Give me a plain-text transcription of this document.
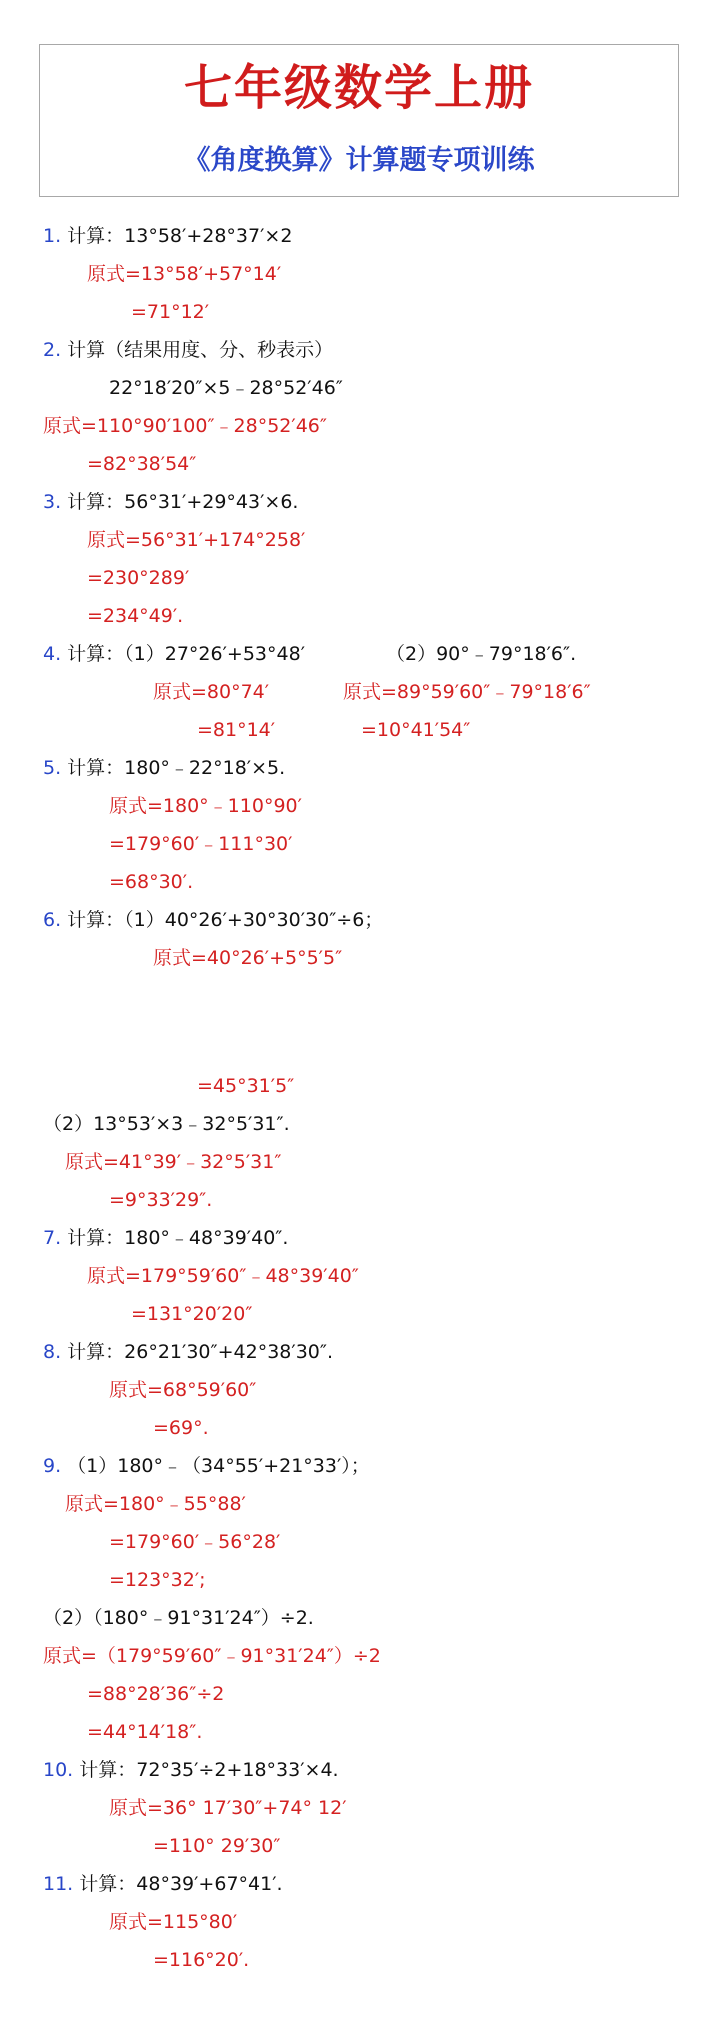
七年级数学上册
《角度换算》计算题专项训练
1. 计算：13°58′+28°37′×2
原式=13°58′+57°14′
=71°12′
2. 计算（结果用度、分、秒表示）
22°18′20″×5﹣28°52′46″
原式=110°90′100″﹣28°52′46″
=82°38′54″
3. 计算：56°31′+29°43′×6.
原式=56°31′+174°258′
=230°289′
=234°49′.
4. 计算：（1）27°26′+53°48′	（2）90°﹣79°18′6″.
原式=80°74′	原式=89°59′60″﹣79°18′6″
=81°14′	=10°41′54″
5. 计算：180°﹣22°18′×5.
原式=180°﹣110°90′
=179°60′﹣111°30′
=68°30′.
6. 计算：（1）40°26′+30°30′30″÷6；
原式=40°26′+5°5′5″
=45°31′5″
（2）13°53′×3﹣32°5′31″.
原式=41°39′﹣32°5′31″
=9°33′29″.
7. 计算：180°﹣48°39′40″.
原式=179°59′60″﹣48°39′40″
=131°20′20″
8. 计算：26°21′30″+42°38′30″.
原式=68°59′60″
=69°.
9. （1）180°﹣（34°55′+21°33′）；
原式=180°﹣55°88′
=179°60′﹣56°28′
=123°32′;
（2）（180°﹣91°31′24″）÷2.
原式=（179°59′60″﹣91°31′24″）÷2
=88°28′36″÷2
=44°14′18″.
10. 计算：72°35′÷2+18°33′×4.
原式=36° 17′30″+74° 12′
=110° 29′30″
11. 计算：48°39′+67°41′.
原式=115°80′
=116°20′.
